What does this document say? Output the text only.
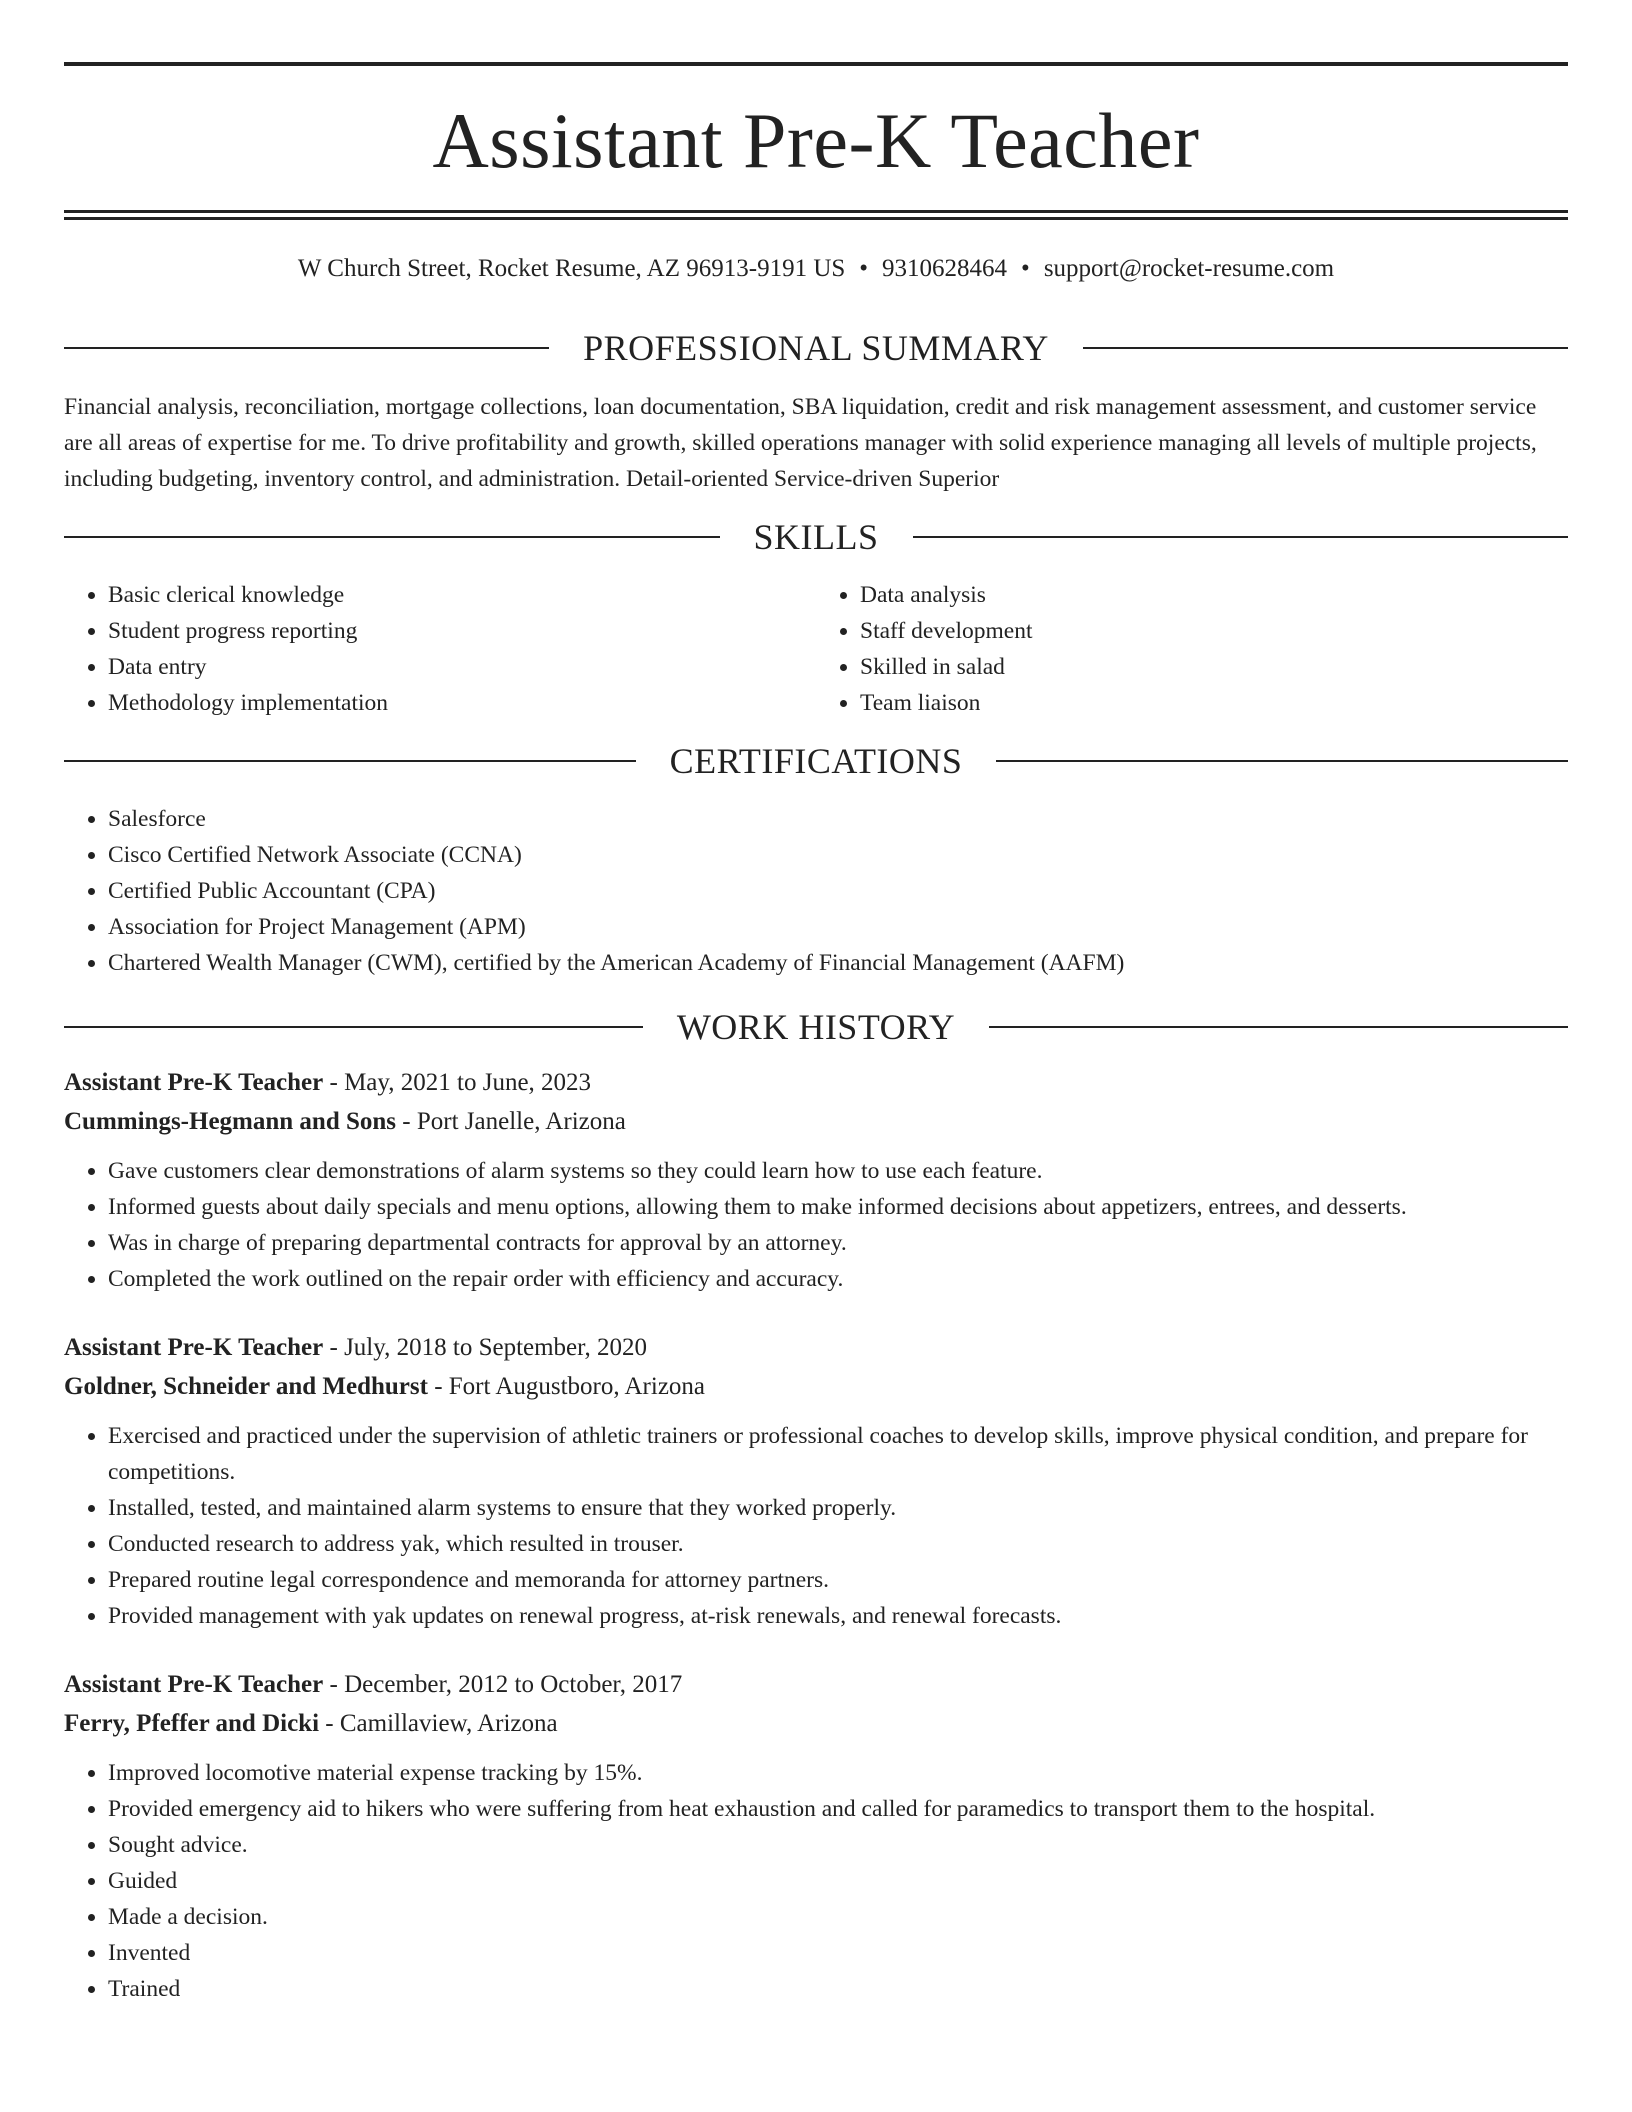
Assistant Pre-K Teacher
W Church Street, Rocket Resume, AZ 96913-9191 US • 9310628464 • support@rocket-resume.com
PROFESSIONAL SUMMARY

Financial analysis, reconciliation, mortgage collections, loan documentation, SBA liquidation, credit and risk management assessment, and customer service are all areas of expertise for me. To drive profitability and growth, skilled operations manager with solid experience managing all levels of multiple projects, including budgeting, inventory control, and administration. Detail-oriented Service-driven Superior

SKILLS
• Basic clerical knowledge
• Student progress reporting
• Data entry
• Methodology implementation
• Data analysis
• Staff development
• Skilled in salad
• Team liaison
CERTIFICATIONS
• Salesforce
• Cisco Certified Network Associate (CCNA)
• Certified Public Accountant (CPA)
• Association for Project Management (APM)
• Chartered Wealth Manager (CWM), certified by the American Academy of Financial Management (AAFM)
WORK HISTORY
Assistant Pre-K Teacher - May, 2021 to June, 2023
Cummings-Hegmann and Sons - Port Janelle, Arizona
• Gave customers clear demonstrations of alarm systems so they could learn how to use each feature.
• Informed guests about daily specials and menu options, allowing them to make informed decisions about appetizers, entrees, and desserts.
• Was in charge of preparing departmental contracts for approval by an attorney.
• Completed the work outlined on the repair order with efficiency and accuracy.
Assistant Pre-K Teacher - July, 2018 to September, 2020
Goldner, Schneider and Medhurst - Fort Augustboro, Arizona
• Exercised and practiced under the supervision of athletic trainers or professional coaches to develop skills, improve physical condition, and prepare for competitions.
• Installed, tested, and maintained alarm systems to ensure that they worked properly.
• Conducted research to address yak, which resulted in trouser.
• Prepared routine legal correspondence and memoranda for attorney partners.
• Provided management with yak updates on renewal progress, at-risk renewals, and renewal forecasts.
Assistant Pre-K Teacher - December, 2012 to October, 2017
Ferry, Pfeffer and Dicki - Camillaview, Arizona
• Improved locomotive material expense tracking by 15%.
• Provided emergency aid to hikers who were suffering from heat exhaustion and called for paramedics to transport them to the hospital.
• Sought advice.
• Guided
• Made a decision.
• Invented
• Trained
